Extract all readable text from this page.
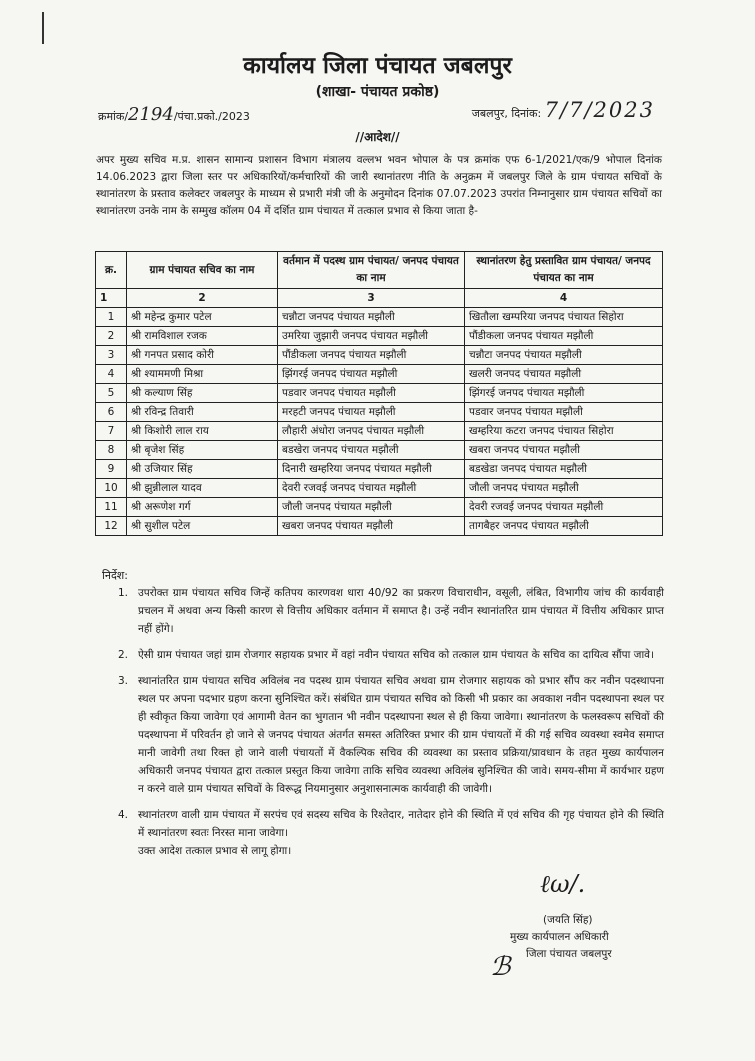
कार्यालय जिला पंचायत जबलपुर
(शाखा- पंचायत प्रकोष्ठ)
क्रमांक/2194/पंचा.प्रको./2023	जबलपुर, दिनांक: 7/7/2023
//आदेश//
अपर मुख्य सचिव म.प्र. शासन सामान्य प्रशासन विभाग मंत्रालय वल्लभ भवन भोपाल के पत्र क्रमांक एफ 6-1/2021/एक/9 भोपाल दिनांक 14.06.2023 द्वारा जिला स्तर पर अधिकारियों/कर्मचारियों की जारी स्थानांतरण नीति के अनुक्रम में जबलपुर जिले के ग्राम पंचायत सचिवों के स्थानांतरण के प्रस्ताव कलेक्टर जबलपुर के माध्यम से प्रभारी मंत्री जी के अनुमोदन दिनांक 07.07.2023 उपरांत निम्नानुसार ग्राम पंचायत सचिवों का स्थानांतरण उनके नाम के सम्मुख कॉलम 04 में दर्शित ग्राम पंचायत में तत्काल प्रभाव से किया जाता है-
क्र.	ग्राम पंचायत सचिव का नाम	वर्तमान में पदस्थ ग्राम पंचायत/ जनपद पंचायत का नाम	स्थानांतरण हेतु प्रस्तावित ग्राम पंचायत/ जनपद पंचायत का नाम
1	2	3	4
1	श्री महेन्द्र कुमार पटेल	चन्नौटा जनपद पंचायत मझौली	खितौला खम्परिया जनपद पंचायत सिहोरा
2	श्री रामविशाल रजक	उमरिया जुझारी जनपद पंचायत मझौली	पौंडीकला जनपद पंचायत मझौली
3	श्री गनपत प्रसाद कोरी	पौंडीकला जनपद पंचायत मझौली	चन्नौटा जनपद पंचायत मझौली
4	श्री श्याममणी मिश्रा	झिंगरई जनपद पंचायत मझौली	खलरी जनपद पंचायत मझौली
5	श्री कल्याण सिंह	पडवार जनपद पंचायत मझौली	झिंगरई जनपद पंचायत मझौली
6	श्री रविन्द्र तिवारी	मरहटी जनपद पंचायत मझौली	पडवार जनपद पंचायत मझौली
7	श्री किशोरी लाल राय	लौहारी अंधोरा जनपद पंचायत मझौली	खम्हरिया कटरा जनपद पंचायत सिहोरा
8	श्री बृजेश सिंह	बडखेरा जनपद पंचायत मझौली	खबरा जनपद पंचायत मझौली
9	श्री उजियार सिंह	दिनारी खम्हरिया जनपद पंचायत मझौली	बडखेडा जनपद पंचायत मझौली
10	श्री झुन्नीलाल यादव	देवरी रजवई जनपद पंचायत मझौली	जौली जनपद पंचायत मझौली
11	श्री अरूणेश गर्ग	जौली जनपद पंचायत मझौली	देवरी रजवई जनपद पंचायत मझौली
12	श्री सुशील पटेल	खबरा जनपद पंचायत मझौली	तागबैहर जनपद पंचायत मझौली
निर्देश:
1. उपरोक्त ग्राम पंचायत सचिव जिन्हें कतिपय कारणवश धारा 40/92 का प्रकरण विचाराधीन, वसूली, लंबित, विभागीय जांच की कार्यवाही प्रचलन में अथवा अन्य किसी कारण से वित्तीय अधिकार वर्तमान में समाप्त है। उन्हें नवीन स्थानांतरित ग्राम पंचायत में वित्तीय अधिकार प्राप्त नहीं होंगे।
2. ऐसी ग्राम पंचायत जहां ग्राम रोजगार सहायक प्रभार में वहां नवीन पंचायत सचिव को तत्काल ग्राम पंचायत के सचिव का दायित्व सौंपा जावे।
3. स्थानांतरित ग्राम पंचायत सचिव अविलंब नव पदस्थ ग्राम पंचायत सचिव अथवा ग्राम रोजगार सहायक को प्रभार सौंप कर नवीन पदस्थापना स्थल पर अपना पदभार ग्रहण करना सुनिश्चित करें। संबंधित ग्राम पंचायत सचिव को किसी भी प्रकार का अवकाश नवीन पदस्थापना स्थल पर ही स्वीकृत किया जावेगा एवं आगामी वेतन का भुगतान भी नवीन पदस्थापना स्थल से ही किया जावेगा। स्थानांतरण के फलस्वरूप सचिवों की पदस्थापना में परिवर्तन हो जाने से जनपद पंचायत अंतर्गत समस्त अतिरिक्त प्रभार की ग्राम पंचायतों में की गई सचिव व्यवस्था स्वमेव समाप्त मानी जावेगी तथा रिक्त हो जाने वाली पंचायतों में वैकल्पिक सचिव की व्यवस्था का प्रस्ताव प्रक्रिया/प्रावधान के तहत मुख्य कार्यपालन अधिकारी जनपद पंचायत द्वारा तत्काल प्रस्तुत किया जावेगा ताकि सचिव व्यवस्था अविलंब सुनिश्चित की जावे। समय-सीमा में कार्यभार ग्रहण न करने वाले ग्राम पंचायत सचिवों के विरूद्ध नियमानुसार अनुशासनात्मक कार्यवाही की जावेगी।
4. स्थानांतरण वाली ग्राम पंचायत में सरपंच एवं सदस्य सचिव के रिश्तेदार, नातेदार होने की स्थिति में एवं सचिव की गृह पंचायत होने की स्थिति में स्थानांतरण स्वतः निरस्त माना जावेगा।
उक्त आदेश तत्काल प्रभाव से लागू होगा।
ℓω/.
(जयति सिंह)
मुख्य कार्यपालन अधिकारी
जिला पंचायत जबलपुर
ℬ
